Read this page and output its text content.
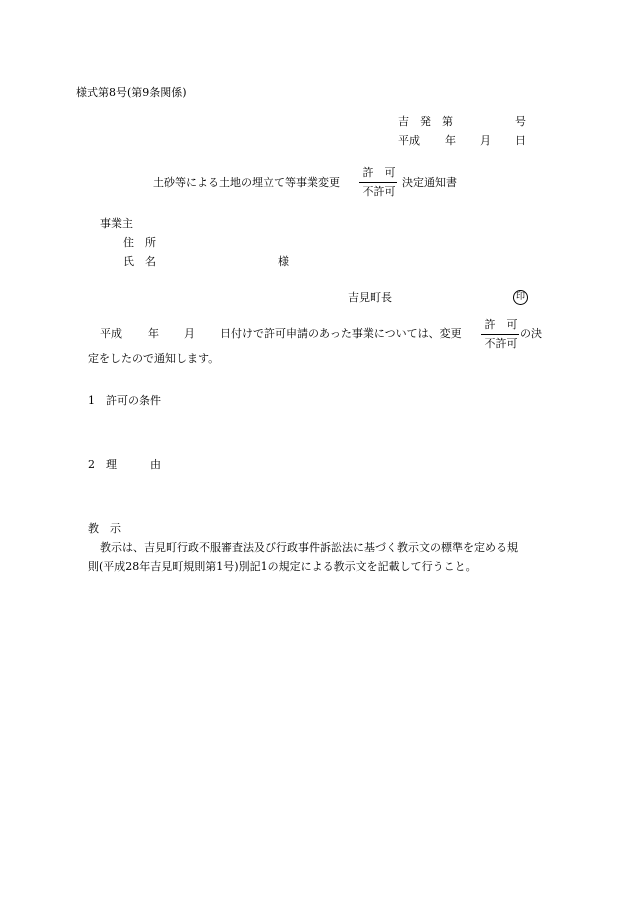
様式第8号(第9条関係)
吉　発　第	号
平成 年 月 日
土砂等による土地の埋立て等事業変更
許　可
不許可
決定通知書
事業主
住　所
氏　名	様
吉見町長	印
平成 年 月 日付けで許可申請のあった事業については、変更
許　可
不許可
の決
定をしたので通知します。
1 許可の条件
2 理　　　由
教　示
教示は、吉見町行政不服審査法及び行政事件訴訟法に基づく教示文の標準を定める規
則(平成28年吉見町規則第1号)別記1の規定による教示文を記載して行うこと。
